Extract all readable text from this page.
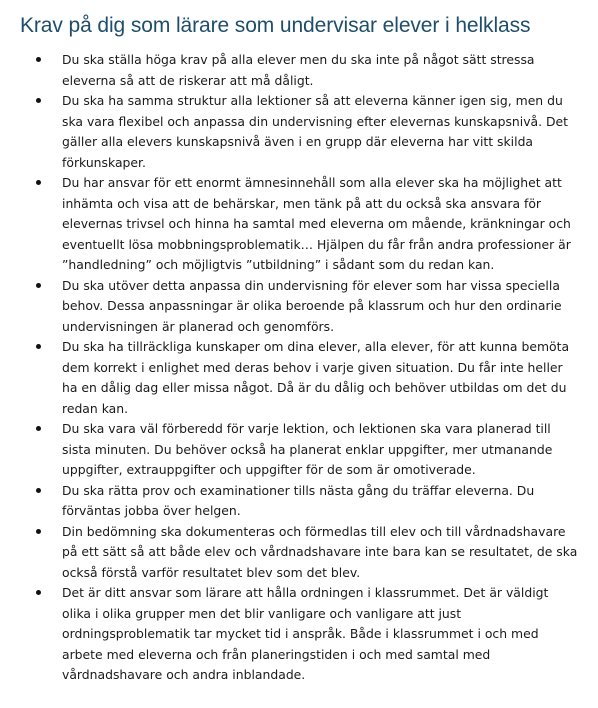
Krav på dig som lärare som undervisar elever i helklass
Du ska ställa höga krav på alla elever men du ska inte på något sätt stressa eleverna så att de riskerar att må dåligt.
Du ska ha samma struktur alla lektioner så att eleverna känner igen sig, men du ska vara flexibel och anpassa din undervisning efter elevernas kunskapsnivå. Det gäller alla elevers kunskapsnivå även i en grupp där eleverna har vitt skilda förkunskaper.
Du har ansvar för ett enormt ämnesinnehåll som alla elever ska ha möjlighet att inhämta och visa att de behärskar, men tänk på att du också ska ansvara för elevernas trivsel och hinna ha samtal med eleverna om mående, kränkningar och eventuellt lösa mobbningsproblematik… Hjälpen du får från andra professioner är ”handledning” och möjligtvis ”utbildning” i sådant som du redan kan.
Du ska utöver detta anpassa din undervisning för elever som har vissa speciella behov. Dessa anpassningar är olika beroende på klassrum och hur den ordinarie undervisningen är planerad och genomförs.
Du ska ha tillräckliga kunskaper om dina elever, alla elever, för att kunna bemöta dem korrekt i enlighet med deras behov i varje given situation. Du får inte heller ha en dålig dag eller missa något. Då är du dålig och behöver utbildas om det du redan kan.
Du ska vara väl förberedd för varje lektion, och lektionen ska vara planerad till sista minuten. Du behöver också ha planerat enklar uppgifter, mer utmanande uppgifter, extrauppgifter och uppgifter för de som är omotiverade.
Du ska rätta prov och examinationer tills nästa gång du träffar eleverna. Du förväntas jobba över helgen.
Din bedömning ska dokumenteras och förmedlas till elev och till vårdnadshavare på ett sätt så att både elev och vårdnadshavare inte bara kan se resultatet, de ska också förstå varför resultatet blev som det blev.
Det är ditt ansvar som lärare att hålla ordningen i klassrummet. Det är väldigt olika i olika grupper men det blir vanligare och vanligare att just ordningsproblematik tar mycket tid i anspråk. Både i klassrummet i och med arbete med eleverna och från planeringstiden i och med samtal med vårdnadshavare och andra inblandade.
